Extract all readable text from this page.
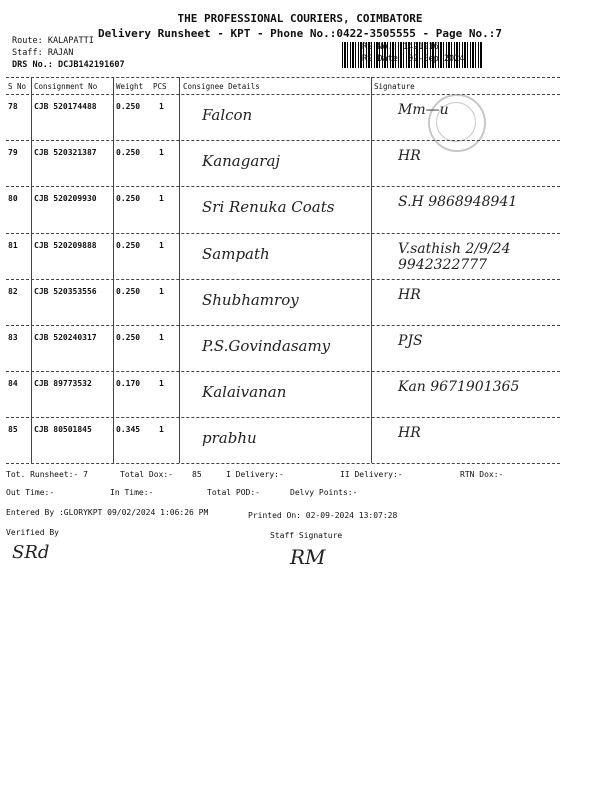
THE PROFESSIONAL COURIERS, COIMBATORE
Delivery Runsheet - KPT - Phone No.:0422-3505555 - Page No.:7
Route: KALAPATTI
Staff: RAJAN
DRS No.: DCJB142191607
RS No.: 1421916
RS Date: 02-Sep-2024
S No Consignment No	Weight PCS Consignee Details	Signature
78 CJB 520174488 0.250 1	Falcon	Mm—u
79 CJB 520321387 0.250 1	Kanagaraj	HR
80 CJB 520209930 0.250 1	Sri Renuka Coats	S.H 9868948941
81 CJB 520209888 0.250 1	Sampath	V.sathish 2/9/24 9942322777
82 CJB 520353556 0.250 1	Shubhamroy	HR
83 CJB 520240317 0.250 1	P.S.Govindasamy	PJS
84 CJB 89773532	0.170 1	Kalaivanan	Kan 9671901365
85 CJB 80501845	0.345 1	prabhu	HR
Tot. Runsheet:- 7	Total Dox:- 85	I Delivery:-	II Delivery:-	RTN Dox:-
Out Time:-	In Time:-	Total POD:-	Delvy Points:-
Entered By :GLORYKPT 09/02/2024 1:06:26 PM	Printed On: 02-09-2024 13:07:28
Verified By
SRd
Staff Signature
RM
